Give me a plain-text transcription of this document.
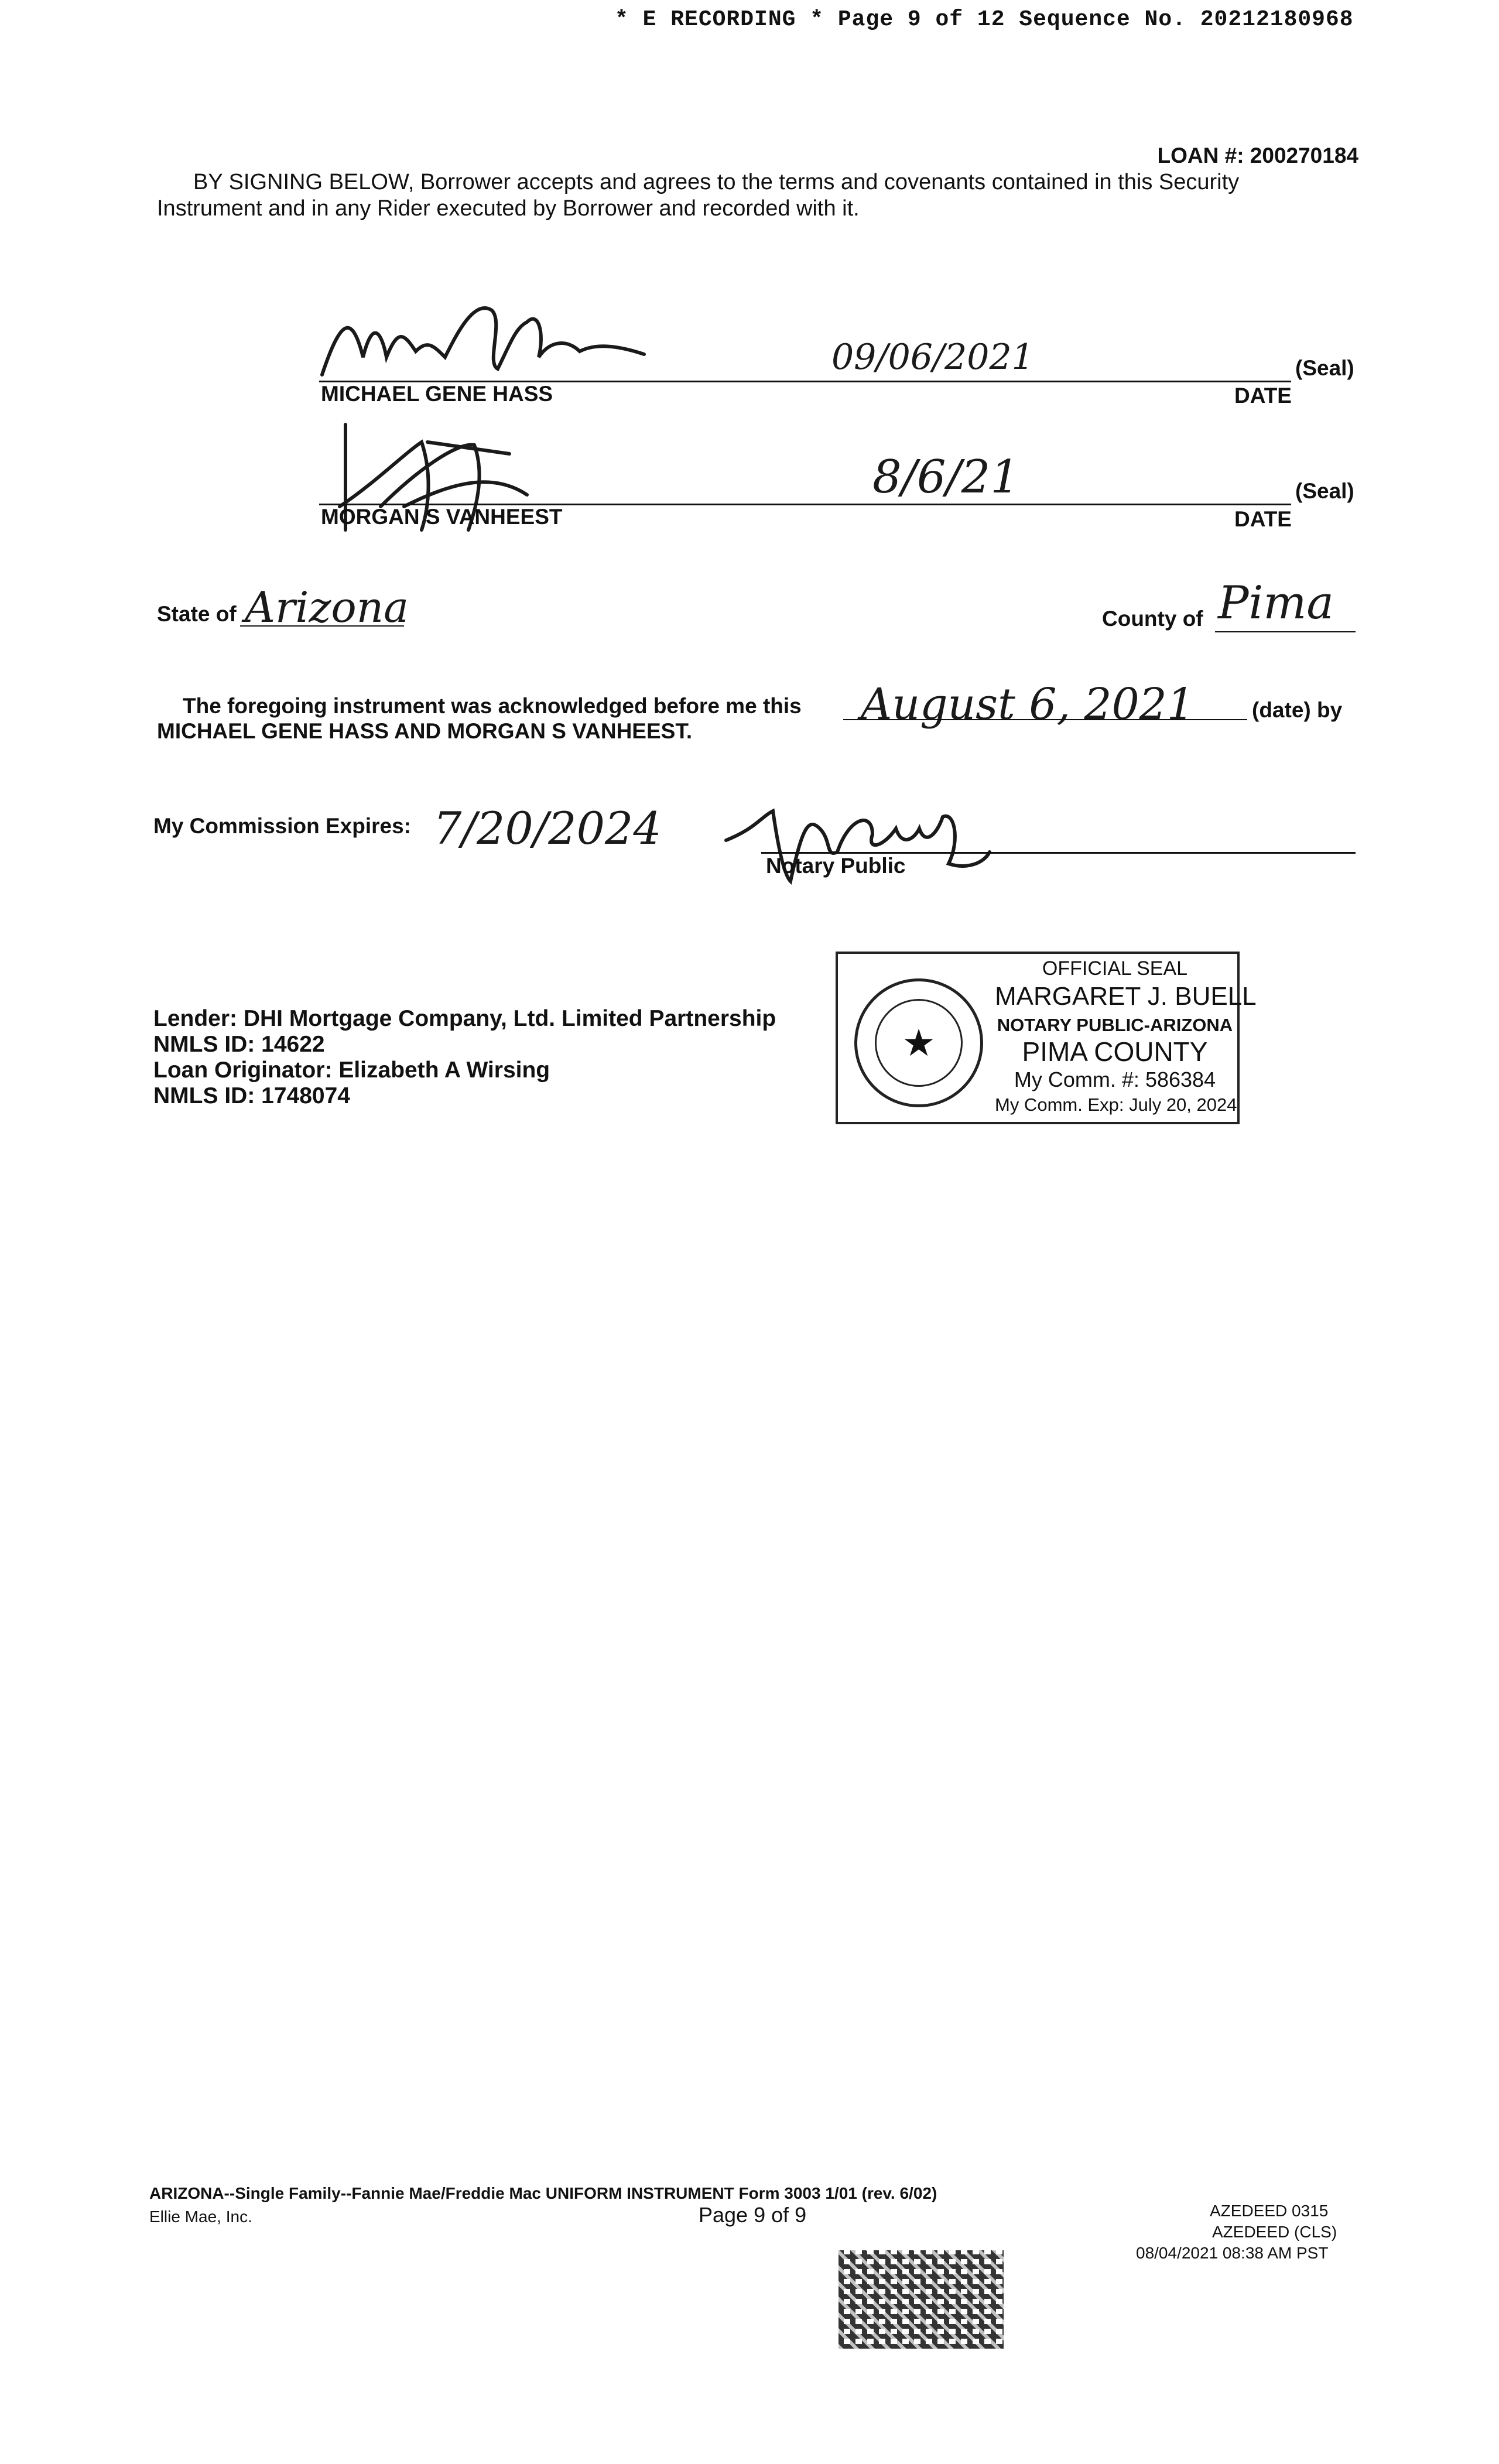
* E RECORDING * Page 9 of 12 Sequence No. 20212180968
LOAN #: 200270184
BY SIGNING BELOW, Borrower accepts and agrees to the terms and covenants contained in this Security
Instrument and in any Rider executed by Borrower and recorded with it.
09/06/2021
MICHAEL GENE HASS
(Seal)
DATE
8/6/21
MORGAN S VANHEEST
(Seal)
DATE
State of Arizona	County of Pima
The foregoing instrument was acknowledged before me this August 6, 2021	(date) by
MICHAEL GENE HASS AND MORGAN S VANHEEST.
My Commission Expires: 7/20/2024
Notary Public
Lender: DHI Mortgage Company, Ltd. Limited Partnership
NMLS ID: 14622
Loan Originator: Elizabeth A Wirsing
NMLS ID: 1748074
★
OFFICIAL SEAL
MARGARET J. BUELL
NOTARY PUBLIC-ARIZONA
PIMA COUNTY
My Comm. #: 586384
My Comm. Exp: July 20, 2024
ARIZONA--Single Family--Fannie Mae/Freddie Mac UNIFORM INSTRUMENT Form 3003 1/01 (rev. 6/02)
Ellie Mae, Inc.	Page 9 of 9	AZEDEED 0315
AZEDEED (CLS)
08/04/2021 08:38 AM PST
